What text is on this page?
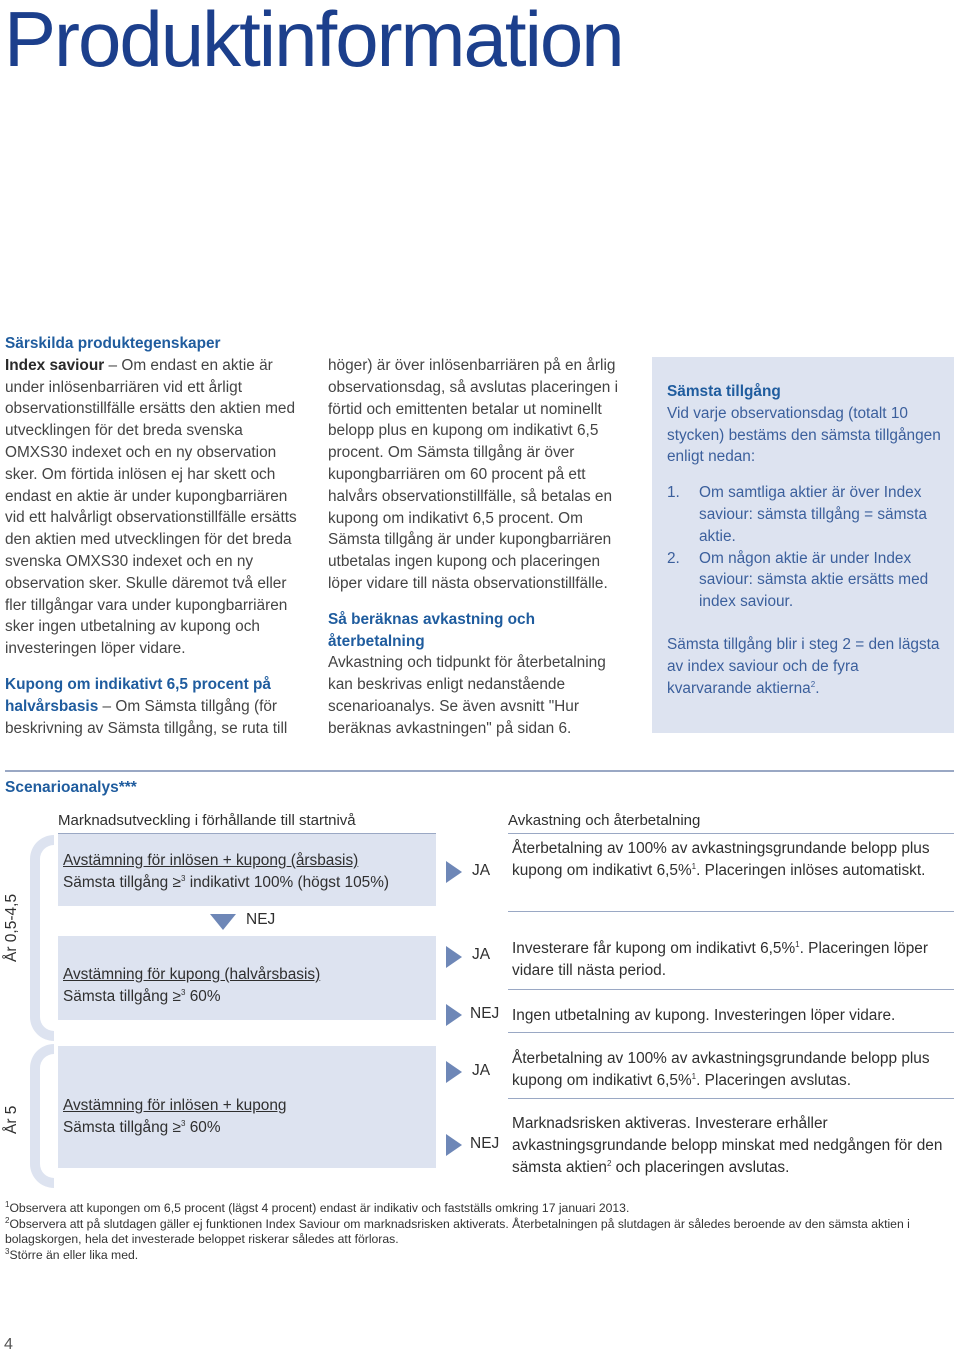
Produktinformation

Särskilda produktegenskaper

Index saviour – Om endast en aktie är under inlösenbarriären vid ett årligt observationstillfälle ersätts den aktien med utvecklingen för det breda svenska OMXS30 indexet och en ny observation sker. Om förtida inlösen ej har skett och endast en aktie är under kupongbarriären vid ett halvårligt observationstillfälle ersätts den aktien med utvecklingen för det breda svenska OMXS30 indexet och en ny observation sker. Skulle däremot två eller fler tillgångar vara under kupongbarriären sker ingen utbetalning av kupong och investeringen löper vidare.

Kupong om indikativt 6,5 procent på halvårsbasis – Om Sämsta tillgång (för beskrivning av Sämsta tillgång, se ruta till

höger) är över inlösenbarriären på en årlig observationsdag, så avslutas placeringen i förtid och emittenten betalar ut nominellt belopp plus en kupong om indikativt 6,5 procent. Om Sämsta tillgång är över kupongbarriären om 60 procent på ett halvårs observationstillfälle, så betalas en kupong om indikativt 6,5 procent. Om Sämsta tillgång är under kupongbarriären utbetalas ingen kupong och placeringen löper vidare till nästa observationstillfälle.

Så beräknas avkastning och återbetalning

Avkastning och tidpunkt för återbetalning kan beskrivas enligt nedanstående scenarioanalys. Se även avsnitt "Hur beräknas avkastningen" på sidan 6.

Sämsta tillgång

Vid varje observationsdag (totalt 10 stycken) bestäms den sämsta tillgången enligt nedan:

1. Om samtliga aktier är över Index saviour: sämsta tillgång = sämsta aktie.
2. Om någon aktie är under Index saviour: sämsta aktie ersätts med index saviour.

Sämsta tillgång blir i steg 2 = den lägsta av index saviour och de fyra kvarvarande aktierna$^2$.

Scenarioanalys***
Marknadsutveckling i förhållande till startnivå	Avkastning och återbetalning
År 0,5-4,5
År 5
Avstämning för inlösen + kupong (årsbasis)
Sämsta tillgång ≥$^3$ indikativt 100% (högst 105%)
NEJ
Avstämning för kupong (halvårsbasis)
Sämsta tillgång ≥$^3$ 60%
Avstämning för inlösen + kupong
Sämsta tillgång ≥$^3$ 60%
JA
JA
NEJ
JA
NEJ
Återbetalning av 100% av avkastningsgrundande belopp plus kupong om indikativt 6,5%$^1$. Placeringen inlöses automatiskt.
Investerare får kupong om indikativt 6,5%$^1$. Placeringen löper vidare till nästa period.
Ingen utbetalning av kupong. Investeringen löper vidare.
Återbetalning av 100% av avkastningsgrundande belopp plus kupong om indikativt 6,5%$^1$. Placeringen avslutas.
Marknadsrisken aktiveras. Investerare erhåller avkastningsgrundande belopp minskat med nedgången för den sämsta aktien$^2$ och placeringen avslutas.
$^1$Observera att kupongen om 6,5 procent (lägst 4 procent) endast är indikativ och fastställs omkring 17 januari 2013.
$^2$Observera att på slutdagen gäller ej funktionen Index Saviour om marknadsrisken aktiverats. Återbetalningen på slutdagen är således beroende av den sämsta aktien i bolagskorgen, hela det investerade beloppet riskerar således att förloras.
$^3$Större än eller lika med.
4
